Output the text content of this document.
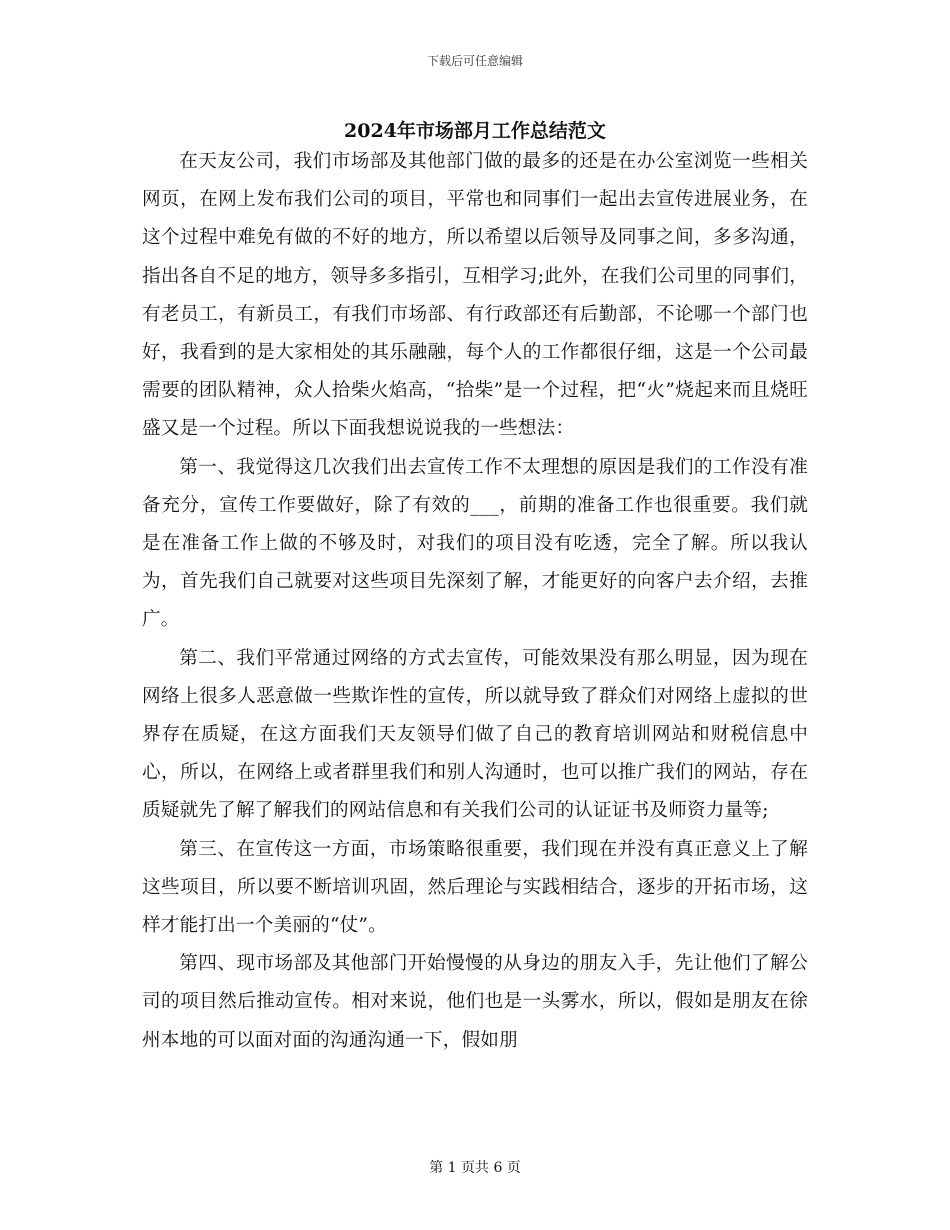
下载后可任意编辑
2024年市场部月工作总结范文

在天友公司，我们市场部及其他部门做的最多的还是在办公室浏览一些相关网页，在网上发布我们公司的项目，平常也和同事们一起出去宣传进展业务，在这个过程中难免有做的不好的地方，所以希望以后领导及同事之间，多多沟通，指出各自不足的地方，领导多多指引，互相学习;此外，在我们公司里的同事们，有老员工，有新员工，有我们市场部、有行政部还有后勤部，不论哪一个部门也好，我看到的是大家相处的其乐融融，每个人的工作都很仔细，这是一个公司最需要的团队精神，众人拾柴火焰高，“拾柴”是一个过程，把“火”烧起来而且烧旺盛又是一个过程。所以下面我想说说我的一些想法：

第一、我觉得这几次我们出去宣传工作不太理想的原因是我们的工作没有准备充分，宣传工作要做好，除了有效的___，前期的准备工作也很重要。我们就是在准备工作上做的不够及时，对我们的项目没有吃透，完全了解。所以我认为，首先我们自己就要对这些项目先深刻了解，才能更好的向客户去介绍，去推广。

第二、我们平常通过网络的方式去宣传，可能效果没有那么明显，因为现在网络上很多人恶意做一些欺诈性的宣传，所以就导致了群众们对网络上虚拟的世界存在质疑，在这方面我们天友领导们做了自己的教育培训网站和财税信息中心，所以，在网络上或者群里我们和别人沟通时，也可以推广我们的网站，存在质疑就先了解了解我们的网站信息和有关我们公司的认证证书及师资力量等;

第三、在宣传这一方面，市场策略很重要，我们现在并没有真正意义上了解这些项目，所以要不断培训巩固，然后理论与实践相结合，逐步的开拓市场，这样才能打出一个美丽的“仗”。

第四、现市场部及其他部门开始慢慢的从身边的朋友入手，先让他们了解公司的项目然后推动宣传。相对来说，他们也是一头雾水，所以，假如是朋友在徐州本地的可以面对面的沟通沟通一下，假如朋

第 1 页共 6 页
